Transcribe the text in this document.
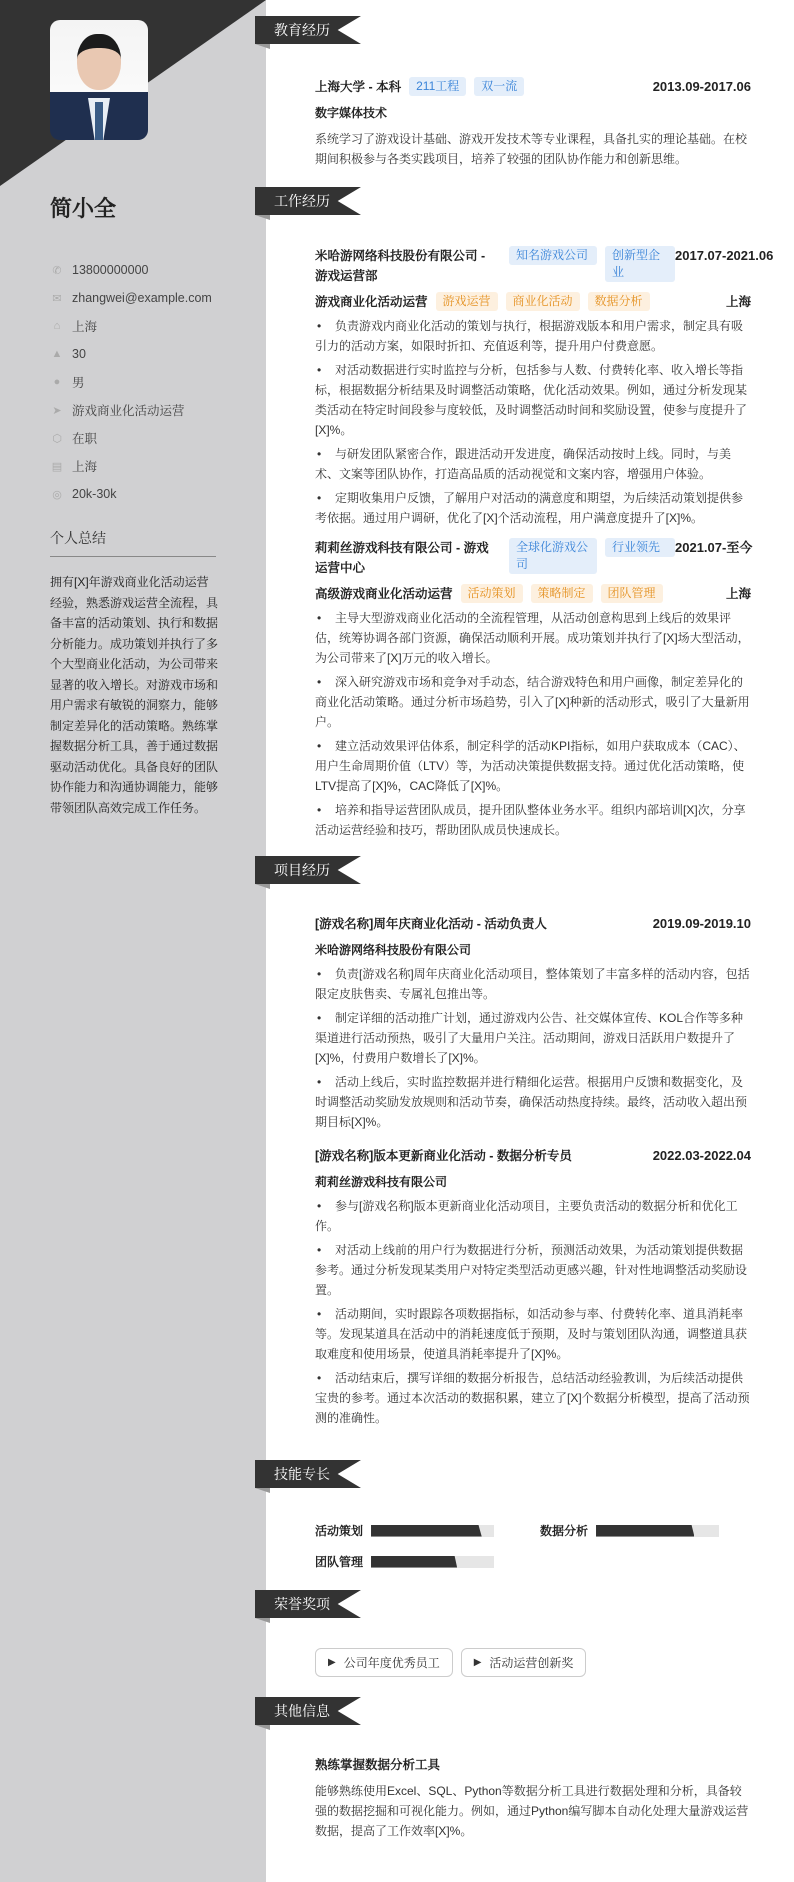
简小全
✆ 13800000000
✉ zhangwei@example.com
⌂ 上海
▲ 30
● 男
➤ 游戏商业化活动运营
⬡ 在职
▤ 上海
◎ 20k-30k
个人总结
拥有[X]年游戏商业化活动运营经验，熟悉游戏运营全流程，具备丰富的活动策划、执行和数据分析能力。成功策划并执行了多个大型商业化活动，为公司带来显著的收入增长。对游戏市场和用户需求有敏锐的洞察力，能够制定差异化的活动策略。熟练掌握数据分析工具，善于通过数据驱动活动优化。具备良好的团队协作能力和沟通协调能力，能够带领团队高效完成工作任务。
教育经历
上海大学 - 本科	211工程	双一流	2013.09-2017.06
数字媒体技术
系统学习了游戏设计基础、游戏开发技术等专业课程，具备扎实的理论基础。在校期间积极参与各类实践项目，培养了较强的团队协作能力和创新思维。
工作经历
米哈游网络科技股份有限公司 - 游戏运营部
知名游戏公司	创新型企业
2017.07-2021.06
游戏商业化活动运营	游戏运营	商业化活动	数据分析	上海
• 负责游戏内商业化活动的策划与执行，根据游戏版本和用户需求，制定具有吸引力的活动方案，如限时折扣、充值返利等，提升用户付费意愿。
• 对活动数据进行实时监控与分析，包括参与人数、付费转化率、收入增长等指标，根据数据分析结果及时调整活动策略，优化活动效果。例如，通过分析发现某类活动在特定时间段参与度较低，及时调整活动时间和奖励设置，使参与度提升了[X]%。
• 与研发团队紧密合作，跟进活动开发进度，确保活动按时上线。同时，与美术、文案等团队协作，打造高品质的活动视觉和文案内容，增强用户体验。
• 定期收集用户反馈，了解用户对活动的满意度和期望，为后续活动策划提供参考依据。通过用户调研，优化了[X]个活动流程，用户满意度提升了[X]%。
莉莉丝游戏科技有限公司 - 游戏运营中心
全球化游戏公司
行业领先	2021.07-至今
高级游戏商业化活动运营	活动策划	策略制定	团队管理	上海
• 主导大型游戏商业化活动的全流程管理，从活动创意构思到上线后的效果评估，统筹协调各部门资源，确保活动顺利开展。成功策划并执行了[X]场大型活动，为公司带来了[X]万元的收入增长。
• 深入研究游戏市场和竞争对手动态，结合游戏特色和用户画像，制定差异化的商业化活动策略。通过分析市场趋势，引入了[X]种新的活动形式，吸引了大量新用户。
• 建立活动效果评估体系，制定科学的活动KPI指标，如用户获取成本（CAC）、用户生命周期价值（LTV）等，为活动决策提供数据支持。通过优化活动策略，使LTV提高了[X]%，CAC降低了[X]%。
• 培养和指导运营团队成员，提升团队整体业务水平。组织内部培训[X]次，分享活动运营经验和技巧，帮助团队成员快速成长。
项目经历
[游戏名称]周年庆商业化活动 - 活动负责人	2019.09-2019.10
米哈游网络科技股份有限公司
• 负责[游戏名称]周年庆商业化活动项目，整体策划了丰富多样的活动内容，包括限定皮肤售卖、专属礼包推出等。
• 制定详细的活动推广计划，通过游戏内公告、社交媒体宣传、KOL合作等多种渠道进行活动预热，吸引了大量用户关注。活动期间，游戏日活跃用户数提升了[X]%，付费用户数增长了[X]%。
• 活动上线后，实时监控数据并进行精细化运营。根据用户反馈和数据变化，及时调整活动奖励发放规则和活动节奏，确保活动热度持续。最终，活动收入超出预期目标[X]%。
[游戏名称]版本更新商业化活动 - 数据分析专员	2022.03-2022.04
莉莉丝游戏科技有限公司
• 参与[游戏名称]版本更新商业化活动项目，主要负责活动的数据分析和优化工作。
• 对活动上线前的用户行为数据进行分析，预测活动效果，为活动策划提供数据参考。通过分析发现某类用户对特定类型活动更感兴趣，针对性地调整活动奖励设置。
• 活动期间，实时跟踪各项数据指标，如活动参与率、付费转化率、道具消耗率等。发现某道具在活动中的消耗速度低于预期，及时与策划团队沟通，调整道具获取难度和使用场景，使道具消耗率提升了[X]%。
• 活动结束后，撰写详细的数据分析报告，总结活动经验教训，为后续活动提供宝贵的参考。通过本次活动的数据积累，建立了[X]个数据分析模型，提高了活动预测的准确性。
技能专长
活动策划	数据分析
团队管理
荣誉奖项
▶ 公司年度优秀员工	▶ 活动运营创新奖
其他信息
熟练掌握数据分析工具
能够熟练使用Excel、SQL、Python等数据分析工具进行数据处理和分析，具备较强的数据挖掘和可视化能力。例如，通过Python编写脚本自动化处理大量游戏运营数据，提高了工作效率[X]%。
